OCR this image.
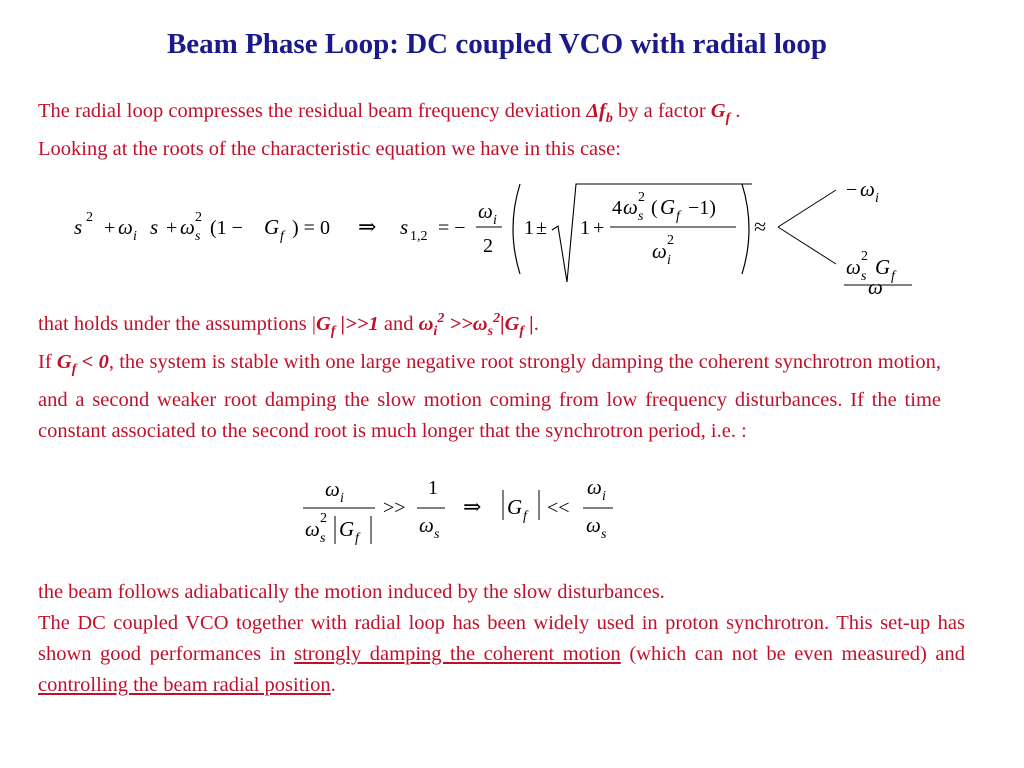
Beam Phase Loop: DC coupled VCO with radial loop
The radial loop compresses the residual beam frequency deviation $\Delta f_b$ by a factor $G_f$ .
Looking at the roots of the characteristic equation we have in this case:
s 2 + ω i s + ω 2
s (1 − G f ) = 0 ⇒ s 1,2 = −
ω i
2
1 ± 1 +
4 ω 2
s ( G f −1)
ω 2
i
≈
− ω i
ω 2
s G f
ω
that holds under the assumptions $|G_f$ |>>1 and $\omega_i^2 >>\omega_s^2|G_f$ |.
If $G_f < 0$, the system is stable with one large negative root strongly damping the coherent synchrotron motion, and a second weaker root damping the slow motion coming from low frequency disturbances. If the time constant associated to the second root is much longer that the synchrotron period, i.e. :
ω i
ω 2
s G f
>>
1
ω s
⇒ G f <<
ω i
ω s
the beam follows adiabatically the motion induced by the slow disturbances.
The DC coupled VCO together with radial loop has been widely used in proton synchrotron. This set-up has shown good performances in strongly damping the coherent motion (which can not be even measured) and controlling the beam radial position.
